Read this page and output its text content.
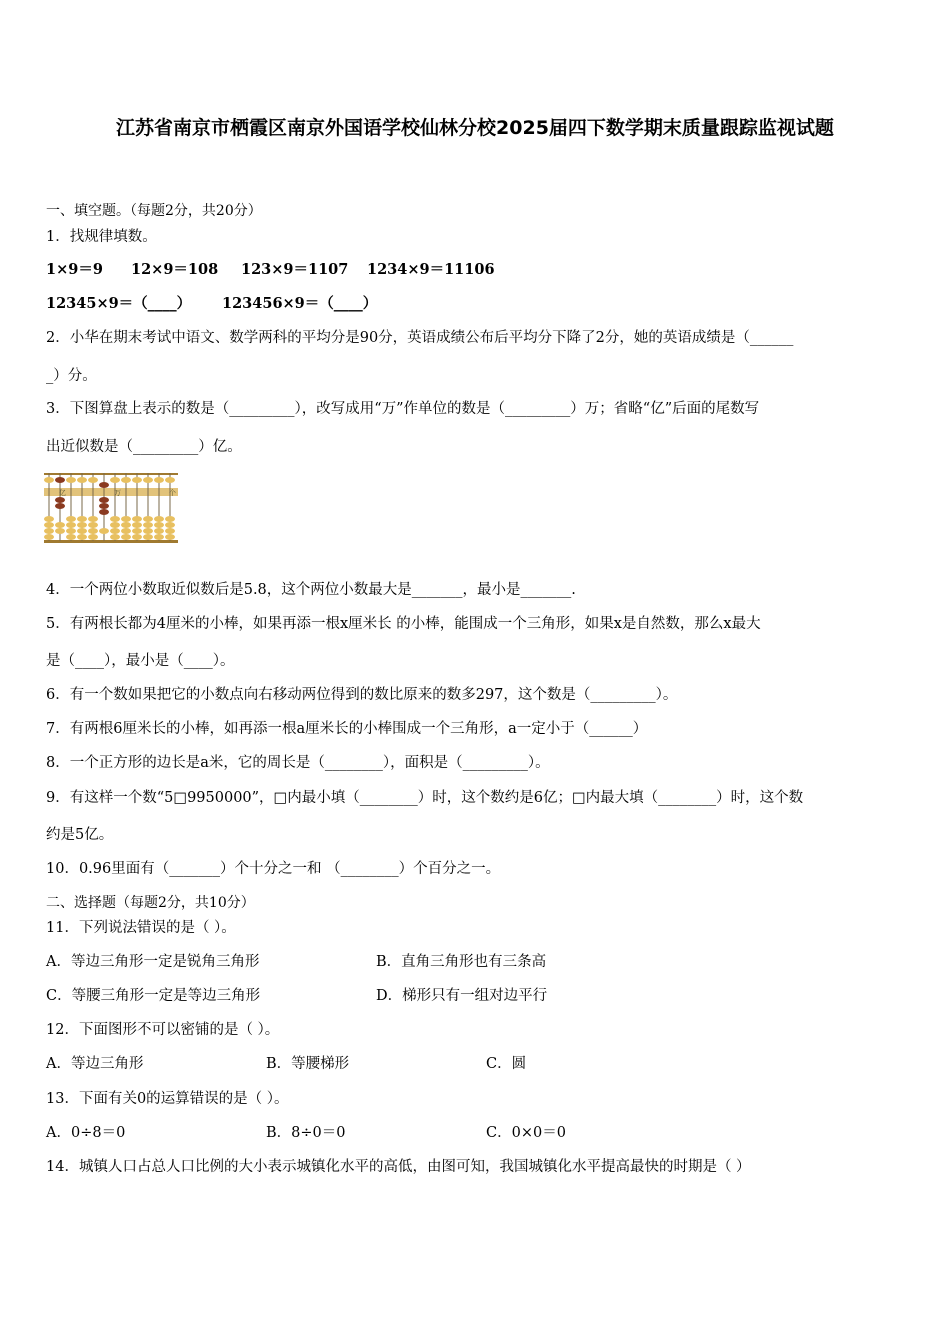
江苏省南京市栖霞区南京外国语学校仙林分校2025届四下数学期末质量跟踪监视试题
一、填空题。（每题2分，共20分）
1．找规律填数。
1×9＝9 12×9＝108 123×9＝1107 1234×9＝11106
12345×9＝（____） 123456×9＝（____）
2．小华在期末考试中语文、数学两科的平均分是90分，英语成绩公布后平均分下降了2分，她的英语成绩是（______
_）分。
3．下图算盘上表示的数是（_________），改写成用“万”作单位的数是（_________）万；省略“亿”后面的尾数写
出近似数是（_________）亿。
亿	万	个
4．一个两位小数取近似数后是5.8，这个两位小数最大是_______，最小是_______.
5．有两根长都为4厘米的小棒，如果再添一根x厘米长 的小棒，能围成一个三角形，如果x是自然数，那么x最大
是（____），最小是（____）。
6．有一个数如果把它的小数点向右移动两位得到的数比原来的数多297，这个数是（_________）。
7．有两根6厘米长的小棒，如再添一根a厘米长的小棒围成一个三角形，a一定小于（______）
8．一个正方形的边长是a米，它的周长是（________），面积是（_________）。
9．有这样一个数“5□9950000”，□内最小填（________）时，这个数约是6亿；□内最大填（________）时，这个数
约是5亿。
10．0.96里面有（_______）个十分之一和 （________）个百分之一。
二、选择题（每题2分，共10分）
11．下列说法错误的是（ ）。
A．等边三角形一定是锐角三角形	B．直角三角形也有三条高
C．等腰三角形一定是等边三角形	D．梯形只有一组对边平行
12．下面图形不可以密铺的是（ ）。
A．等边三角形	B．等腰梯形	C．圆
13．下面有关0的运算错误的是（ ）。
A．0÷8＝0	B．8÷0＝0	C．0×0＝0
14．城镇人口占总人口比例的大小表示城镇化水平的高低，由图可知，我国城镇化水平提高最快的时期是（ ）
